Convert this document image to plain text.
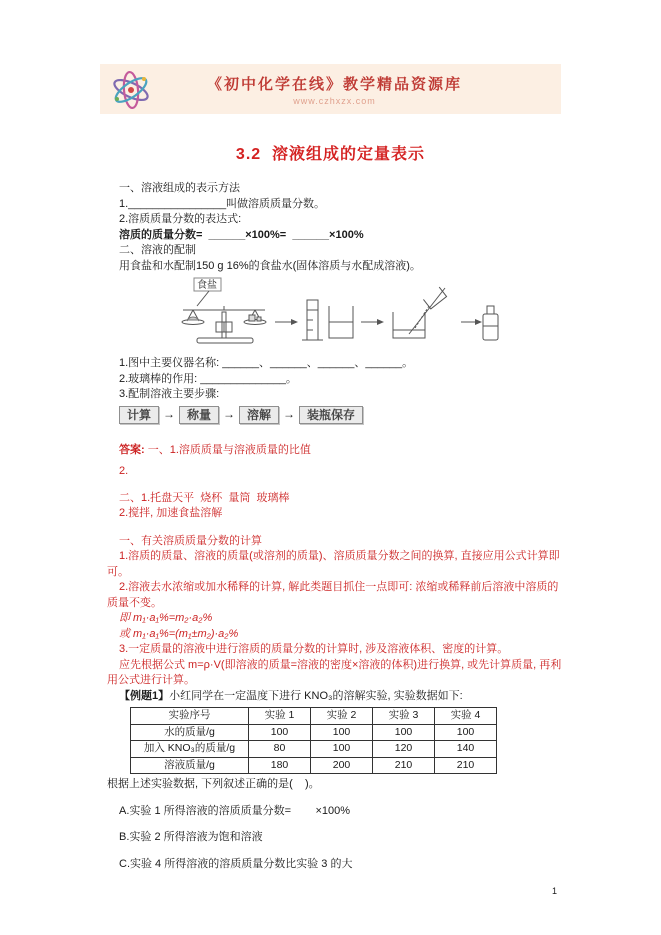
《初中化学在线》教学精品资源库
www.czhxzx.com
3.2  溶液组成的定量表示
一、溶液组成的表示方法
1.________________叫做溶质质量分数。
2.溶质质量分数的表达式:
溶质的质量分数=  ______×100%=  ______×100%
二、溶液的配制
用食盐和水配制150 g 16%的食盐水(固体溶质与水配成溶液)。
食盐
1.图中主要仪器名称: ______、______、______、______。
2.玻璃棒的作用: ______________。
3.配制溶液主要步骤:
计算	→	称量	→	溶解	→	装瓶保存
答案: 一、1.溶质质量与溶液质量的比值
2.
二、1.托盘天平  烧杯  量筒  玻璃棒
2.搅拌, 加速食盐溶解
一、有关溶质质量分数的计算
1.溶质的质量、溶液的质量(或溶剂的质量)、溶质质量分数之间的换算, 直接应用公式计算即可。
2.溶液去水浓缩或加水稀释的计算, 解此类题目抓住一点即可: 浓缩或稀释前后溶液中溶质的质量不变。
即 m₁·a₁%=m₂·a₂%
或 m₁·a₁%=(m₁±m₂)·a₂%
3.一定质量的溶液中进行溶质的质量分数的计算时, 涉及溶液体积、密度的计算。
应先根据公式 m=ρ·V(即溶液的质量=溶液的密度×溶液的体积)进行换算, 或先计算质量, 再利用公式进行计算。
【例题1】小红同学在一定温度下进行 KNO₃的溶解实验, 实验数据如下:
实验序号	实验 1	实验 2	实验 3	实验 4
水的质量/g	100	100	100	100
加入 KNO₃的质量/g	80	100	120	140
溶液质量/g	180	200	210	210
根据上述实验数据, 下列叙述正确的是(    )。
A.实验 1 所得溶液的溶质质量分数=        ×100%
B.实验 2 所得溶液为饱和溶液
C.实验 4 所得溶液的溶质质量分数比实验 3 的大
1
